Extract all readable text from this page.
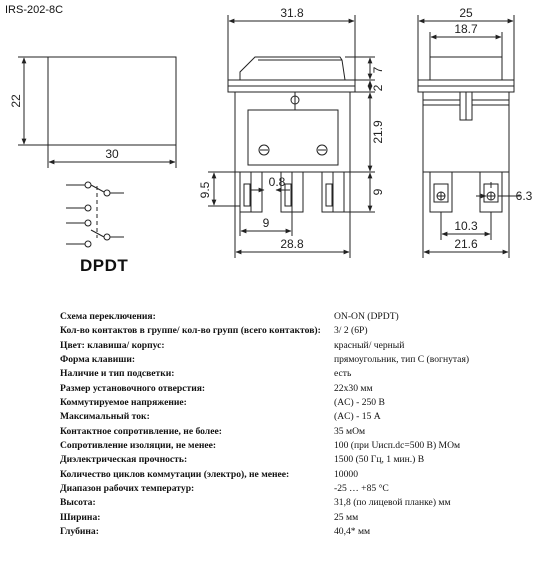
IRS-202-8C
22
30
31.8
7
2
21.9
9
9.5	0.8
9
28.8
25
18.7
6.3
10.3
21.6
DPDT
Схема переключения:	ON-ON (DPDT)
Кол-во контактов в группе/ кол-во групп (всего контактов):	3/ 2 (6P)
Цвет: клавиша/ корпус:	красный/ черный
Форма клавиши:	прямоугольник, тип C (вогнутая)
Наличие и тип подсветки:	есть
Размер установочного отверстия:	22x30 мм
Коммутируемое напряжение:	(AC) - 250 В
Максимальный ток:	(AC) - 15 А
Контактное сопротивление, не более:	35 мОм
Сопротивление изоляции, не менее:	100 (при Uисп.dc=500 В) МОм
Диэлектрическая прочность:	1500 (50 Гц, 1 мин.) В
Количество циклов коммутации (электро), не менее:	10000
Диапазон рабочих температур:	-25 … +85 °C
Высота:	31,8 (по лицевой планке) мм
Ширина:	25 мм
Глубина:	40,4* мм
